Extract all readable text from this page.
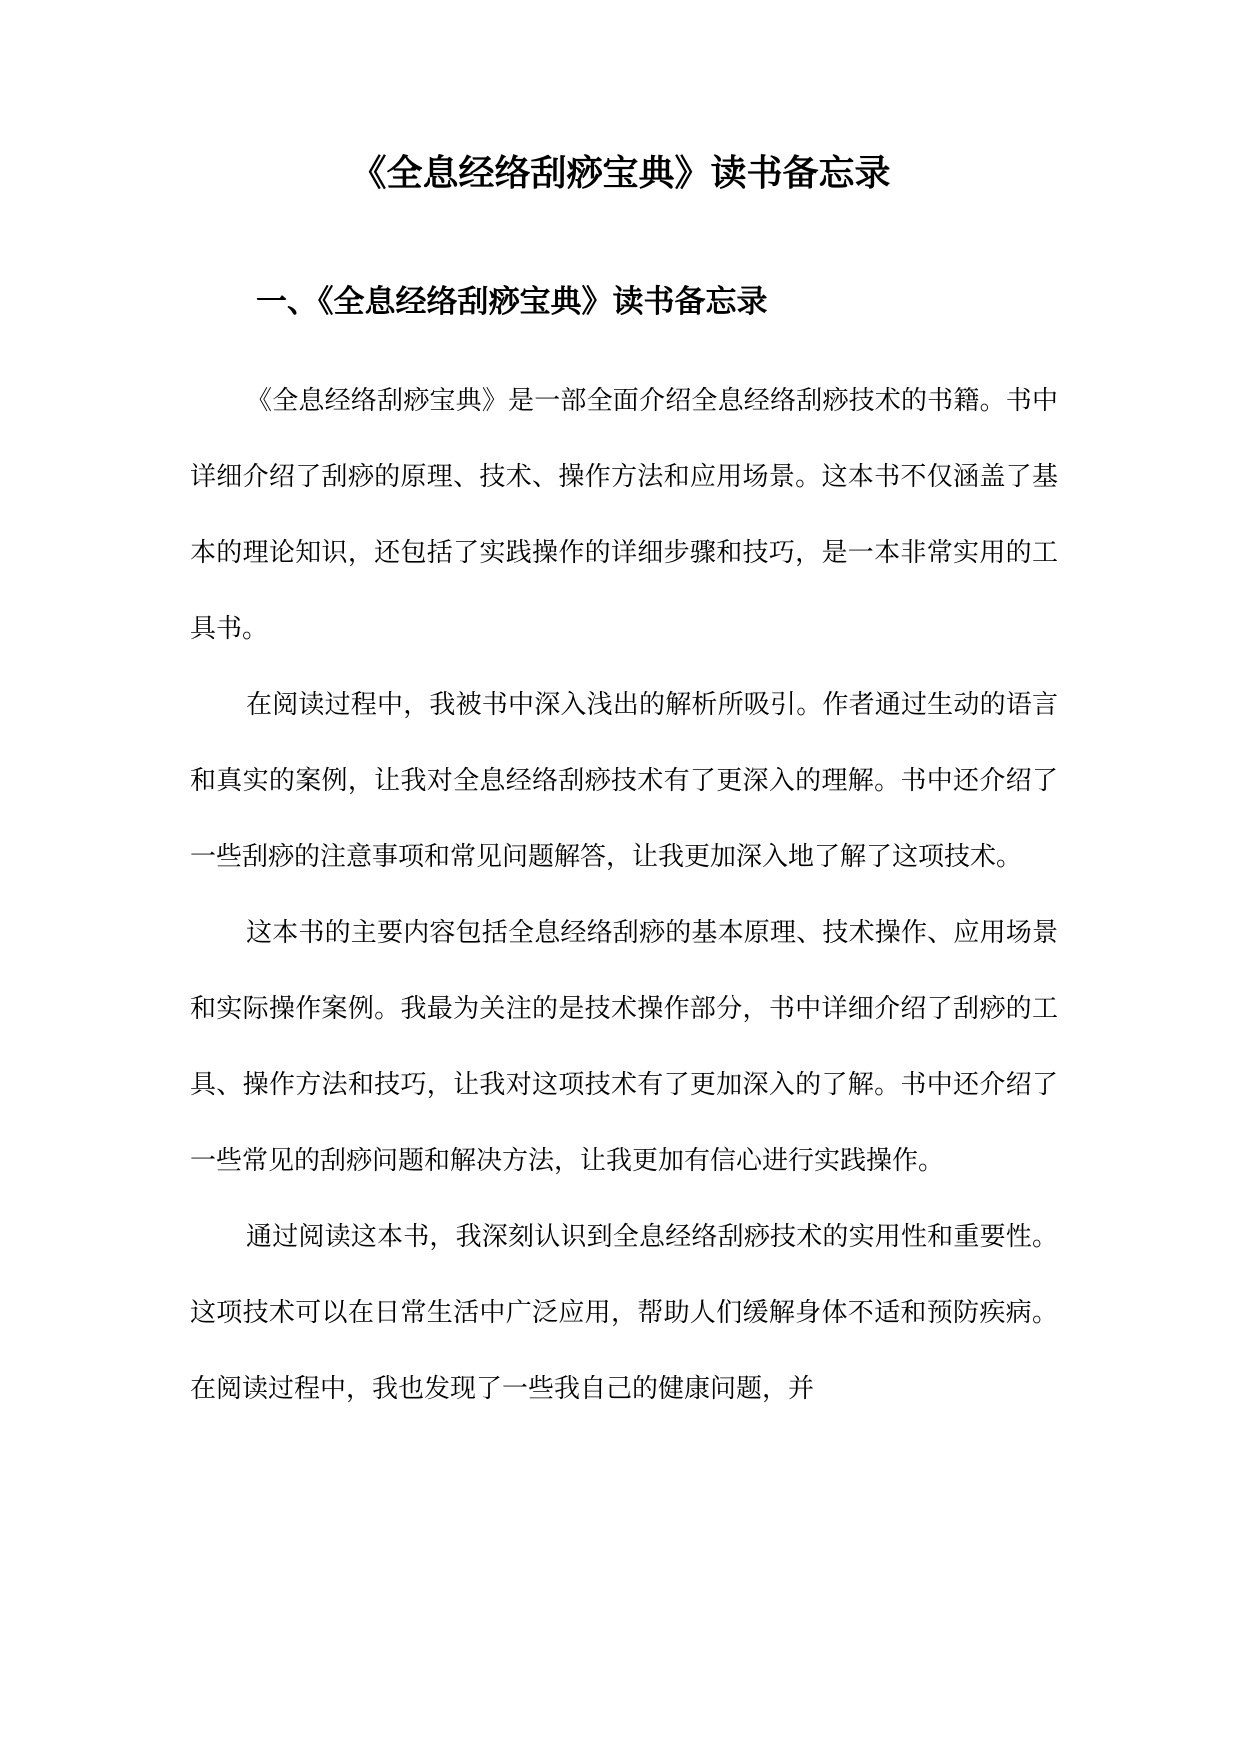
《全息经络刮痧宝典》读书备忘录
一、《全息经络刮痧宝典》读书备忘录

《全息经络刮痧宝典》是一部全面介绍全息经络刮痧技术的书籍。书中详细介绍了刮痧的原理、技术、操作方法和应用场景。这本书不仅涵盖了基本的理论知识，还包括了实践操作的详细步骤和技巧，是一本非常实用的工具书。

在阅读过程中，我被书中深入浅出的解析所吸引。作者通过生动的语言和真实的案例，让我对全息经络刮痧技术有了更深入的理解。书中还介绍了一些刮痧的注意事项和常见问题解答，让我更加深入地了解了这项技术。

这本书的主要内容包括全息经络刮痧的基本原理、技术操作、应用场景和实际操作案例。我最为关注的是技术操作部分，书中详细介绍了刮痧的工具、操作方法和技巧，让我对这项技术有了更加深入的了解。书中还介绍了一些常见的刮痧问题和解决方法，让我更加有信心进行实践操作。

通过阅读这本书，我深刻认识到全息经络刮痧技术的实用性和重要性。这项技术可以在日常生活中广泛应用，帮助人们缓解身体不适和预防疾病。在阅读过程中，我也发现了一些我自己的健康问题，并
